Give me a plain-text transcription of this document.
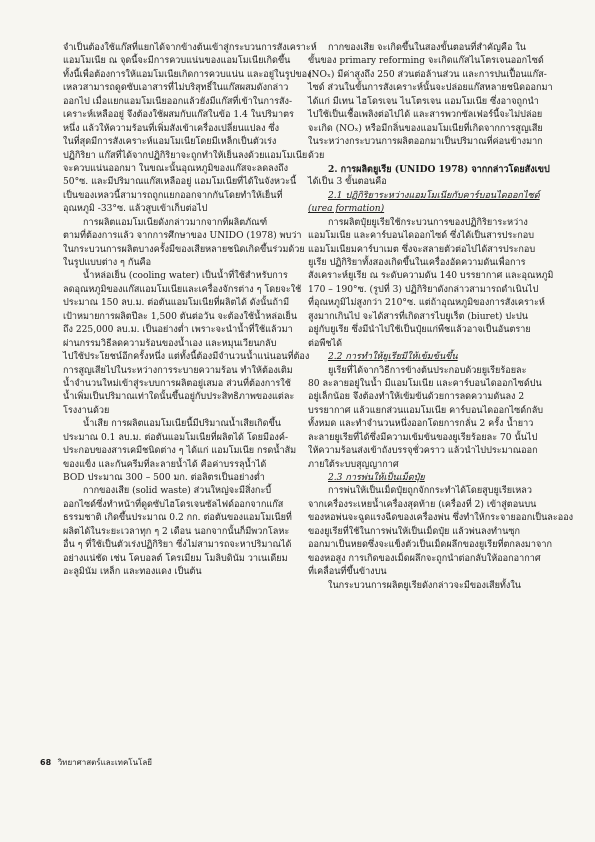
จำเป็นต้องใช้แก๊สที่แยกได้จากข้างต้นเข้าสู่กระบวนการสังเคราะห์

แอมโมเนีย ณ จุดนี้จะมีการควบแน่นของแอมโมเนียเกิดขึ้น

ทั้งนี้เพื่อต้องการให้แอมโมเนียเกิดการควบแน่น และอยู่ในรูปของ

เหลวสามารถดูดซับเอาสารที่ไม่บริสุทธิ์ในแก๊สผสมดังกล่าว

ออกไป เมื่อแยกแอมโมเนียออกแล้วยังมีแก๊สที่เข้าในการสัง-

เคราะห์เหลืออยู่ จึงต้องใช้ผสมกับแก๊สในข้อ 1.4 ในปริมาตร

หนึ่ง แล้วให้ความร้อนที่เพิ่มสังเข้าเครื่องเปลี่ยนแปลง ซึ่ง

ในที่สุดมีการสังเคราะห์แอมโมเนียโดยมีเหล็กเป็นตัวเร่ง

ปฏิกิริยา แก๊สที่ได้จากปฏิกิริยาจะถูกทำให้เย็นลงด้วยแอมโมเนีย

จะควบแน่นออกมา ในขณะนั้นอุณหภูมิของแก๊สจะลดลงถึง

50°ซ. และมีปริมาณแก๊สเหลืออยู่ แอมโมเนียที่ได้ในจังหวะนี้

เป็นของเหลวนี้สามารถถูกแยกออกจากกันโดยทำให้เย็นที่

อุณหภูมิ -33°ซ. แล้วสูบเข้าเก็บต่อไป

การผลิตแอมโมเนียดังกล่าวมากจากที่ผลิตภัณฑ์

ตามที่ต้องการแล้ว จากการศึกษาของ UNIDO (1978) พบว่า

ในกระบวนการผลิตบางครั้งมีของเสียหลายชนิดเกิดขึ้นร่วมด้วย

ในรูปแบบต่าง ๆ กันคือ

น้ำหล่อเย็น (cooling water) เป็นน้ำที่ใช้สำหรับการ

ลดอุณหภูมิของแก๊สแอมโมเนียและเครื่องจักรต่าง ๆ โดยจะใช้

ประมาณ 150 ลบ.ม. ต่อตันแอมโมเนียที่ผลิตได้ ดังนั้นถ้ามี

เป้าหมายการผลิตปีละ 1,500 ตันต่อวัน จะต้องใช้น้ำหล่อเย็น

ถึง 225,000 ลบ.ม. เป็นอย่างต่ำ เพราะจะนำน้ำที่ใช้แล้วมา

ผ่านกรรมวิธีลดความร้อนของน้ำเอง และหมุนเวียนกลับ

ไปใช้ประโยชน์อีกครั้งหนึ่ง แต่ทั้งนี้ต้องมีจำนวนน้ำแน่นอนที่ต้อง

การสูญเสียไปในระหว่างการระบายความร้อน ทำให้ต้องเติม

น้ำจำนวนใหม่เข้าสู่ระบบการผลิตอยู่เสมอ ส่วนที่ต้องการใช้

น้ำเพิ่มเป็นปริมาณเท่าใดนั้นขึ้นอยู่กับประสิทธิภาพของแต่ละ

โรงงานด้วย

น้ำเสีย การผลิตแอมโมเนียนี้มีปริมาณน้ำเสียเกิดขึ้น

ประมาณ 0.1 ลบ.ม. ต่อตันแอมโมเนียที่ผลิตได้ โดยมีองค์-

ประกอบของสารเคมีชนิดต่าง ๆ ได้แก่ แอมโมเนีย กรดน้ำส้ม

ของแข็ง และกันครีมที่ละลายน้ำได้ คือค่าบรรลุน้ำได้

BOD ประมาณ 300 – 500 มก. ต่อลิตรเป็นอย่างต่ำ

กากของเสีย (solid waste) ส่วนใหญ่จะมีสิ่งกะบี้

ออกไซด์ซึ่งทำหน้าที่ดูดซับไฮโดรเจนซัลไฟด์ออกจากแก๊ส

ธรรมชาติ เกิดขึ้นประมาณ 0.2 กก. ต่อตันของแอมโมเนียที่

ผลิตได้ในระยะเวลาทุก ๆ 2 เดือน นอกจากนั้นก็มีพวกโลหะ

อื่น ๆ ที่ใช้เป็นตัวเร่งปฏิกิริยา ซึ่งไม่สามารถจะหาปริมาณได้

อย่างแน่ชัด เช่น โคบอลต์ โครเมียม โมลิบดินัม วาเนเดียม

อะลูมินัม เหล็ก และทองแดง เป็นต้น

กากของเสีย จะเกิดขึ้นในสองขั้นตอนที่สำคัญคือ ใน

ขั้นของ primary reforming จะเกิดแก๊สไนโตรเจนออกไซด์

(NOₓ) มีค่าสูงถึง 250 ส่วนต่อล้านส่วน และการปนเปื้อนแก๊ส-

ไซด์ ส่วนในขั้นการสังเคราะห์นั้นจะปล่อยแก๊สหลายชนิดออกมา

ได้แก่ มีเทน ไฮโดรเจน ไนโตรเจน แอมโมเนีย ซึ่งอาจถูกนำ

ไปใช้เป็นเชื้อเพลิงต่อไปได้ และสารพวกซัลเฟอร์นี้จะไม่ปล่อย

จะเกิด (NOₓ) หรือมีกลิ่นของแอมโมเนียที่เกิดจากการสูญเสีย

ในระหว่างกระบวนการผลิตออกมาเป็นปริมาณที่ค่อนข้างมาก

ด้วย

2. การผลิตยูเรีย (UNIDO 1978) จากกล่าวโดยสังเขป

ได้เป็น 3 ขั้นตอนคือ

2.1 ปฏิกิริยาระหว่างแอมโมเนียกับคาร์บอนไดออกไซด์

(urea formation)

การผลิตปุ๋ยยูเรียใช้กระบวนการของปฏิกิริยาระหว่าง

แอมโมเนีย และคาร์บอนไดออกไซด์ ซึ่งได้เป็นสารประกอบ

แอมโมเนียมคาร์บาเมต ซึ่งจะสลายตัวต่อไปได้สารประกอบ

ยูเรีย ปฏิกิริยาทั้งสองเกิดขึ้นในเครื่องอัดความดันเพื่อการ

สังเคราะห์ยูเรีย ณ ระดับความดัน 140 บรรยากาศ และอุณหภูมิ

170 – 190°ซ. (รูปที่ 3) ปฏิกิริยาดังกล่าวสามารถดำเนินไป

ที่อุณหภูมิไม่สูงกว่า 210°ซ. แต่ถ้าอุณหภูมิของการสังเคราะห์

สูงมากเกินไป จะได้สารที่เกิดสารไบยูเร็ต (biuret) ปะปน

อยู่กับยูเรีย ซึ่งมีนำไปใช้เป็นปุ๋ยแก่พืชแล้วอาจเป็นอันตราย

ต่อพืชได้

2.2 การทำให้ยูเรียมีให้เข้มข้นขึ้น

ยูเรียที่ได้จากวิธีการข้างต้นประกอบด้วยยูเรียร้อยละ

80 ละลายอยู่ในน้ำ มีแอมโมเนีย และคาร์บอนไดออกไซด์ปน

อยู่เล็กน้อย จึงต้องทำให้เข้มข้นด้วยการลดความดันลง 2

บรรยากาศ แล้วแยกส่วนแอมโมเนีย คาร์บอนไดออกไซด์กลับ

ทั้งหมด และทำจำนวนหนึ่งออกโดยการกลั่น 2 ครั้ง น้ำยาว

ละลายยูเรียที่ได้ซึ่งมีความเข้มข้นของยูเรียร้อยละ 70 นั้นไป

ให้ความร้อนส่งเข้าถังบรรจุชั่วคราว แล้วนำไปประมาณออก

ภายใต้ระบบสุญญากาศ

2.3 การพ่นให้เป็นเม็ดปุ๋ย

การพ่นให้เป็นเม็ดปุ๋ยถูกจักกระทำได้โดยสูบยูเรียเหลว

จากเครื่องระเหยน้ำเครื่องสุดท้าย (เครื่องที่ 2) เข้าสู่ตอนบน

ของหอพ่นจะฉูดแรงฉีดของเครื่องพ่น ซึ่งทำให้กระจายออกเป็นละออง

ของยูเรียที่ใช้ในการพ่นให้เป็นเม็ดปุ๋ย แล้วพ่นลงทำนซุก

ออกมาเป็นหยดซึ่งจะแข็งตัวเป็นเม็ดผลึกของยูเรียที่ตกลงมาจาก

ของหอสูง การเกิดของเม็ดผลึกจะถูกนำต่อกลับให้ออกอากาศ

ที่เคลื่อนที่ขึ้นข้างบน

ในกระบวนการผลิตยูเรียดังกล่าวจะมีของเสียทั้งใน

68 วิทยาศาสตร์และเทคโนโลยี
